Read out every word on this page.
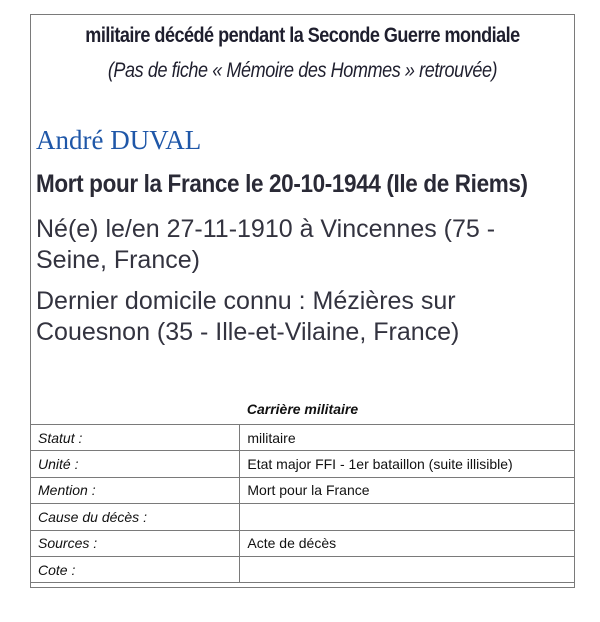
militaire décédé pendant la Seconde Guerre mondiale
(Pas de fiche « Mémoire des Hommes » retrouvée)
André DUVAL
Mort pour la France le 20-10-1944 (Ile de Riems)
Né(e) le/en 27-11-1910 à Vincennes (75 - Seine, France)
Dernier domicile connu : Mézières sur Couesnon (35 - Ille-et-Vilaine, France)
Carrière militaire
Statut :	militaire
Unité :	Etat major FFI - 1er bataillon (suite illisible)
Mention :	Mort pour la France
Cause du décès :	
Sources :	Acte de décès
Cote :	
